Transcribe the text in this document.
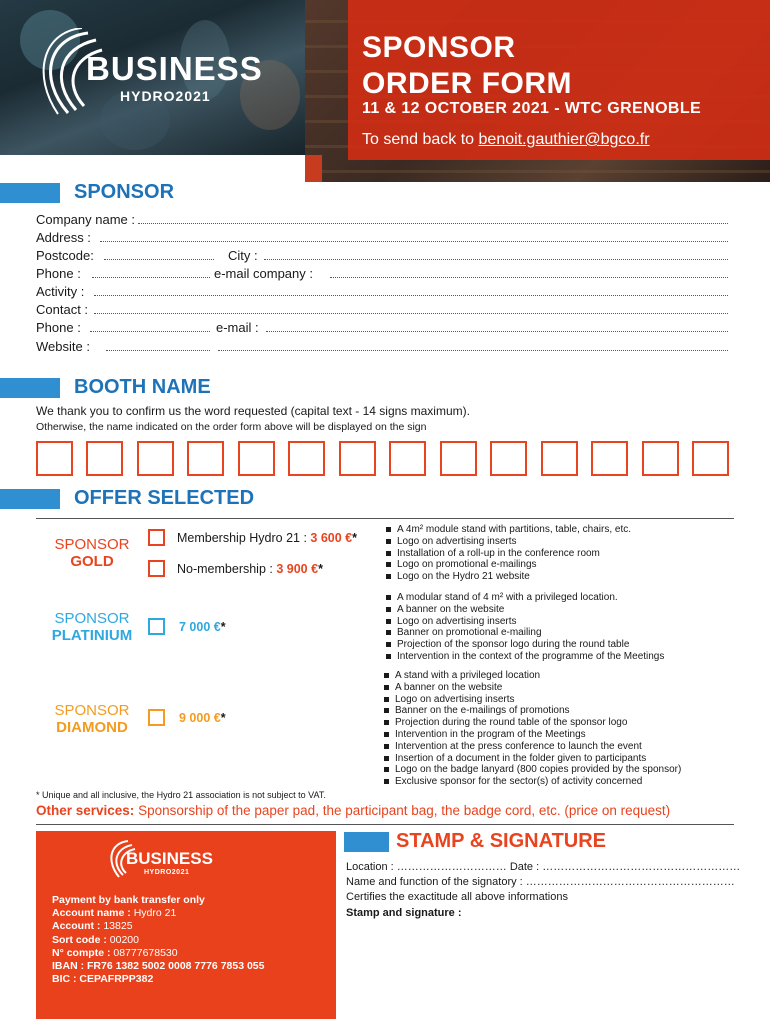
BUSINESS
HYDRO2021
SPONSOR
ORDER FORM
11 & 12 OCTOBER 2021 - WTC GRENOBLE
To send back to benoit.gauthier@bgco.fr
SPONSOR
Company name :
Address :
Postcode:	City :
Phone :	e-mail company :
Activity :
Contact :
Phone :	e-mail :
Website :
BOOTH NAME
We thank you to confirm us the word requested (capital text - 14 signs maximum).
Otherwise, the name indicated on the order form above will be displayed on the sign
OFFER SELECTED
SPONSOR
GOLD
Membership Hydro 21 : 3 600 €*
No-membership : 3 900 €*
A 4m² module stand with partitions, table, chairs, etc.
Logo on advertising inserts
Installation of a roll-up in the conference room
Logo on promotional e-mailings
Logo on the Hydro 21 website
SPONSOR
PLATINIUM	7 000 €*
A modular stand of 4 m² with a privileged location.
A banner on the website
Logo on advertising inserts
Banner on promotional e-mailing
Projection of the sponsor logo during the round table
Intervention in the context of the programme of the Meetings
SPONSOR
DIAMOND
9 000 €*
A stand with a privileged location
A banner on the website
Logo on advertising inserts
Banner on the e-mailings of promotions
Projection during the round table of the sponsor logo
Intervention in the program of the Meetings
Intervention at the press conference to launch the event
Insertion of a document in the folder given to participants
Logo on the badge lanyard (800 copies provided by the sponsor)
Exclusive sponsor for the sector(s) of activity concerned
* Unique and all inclusive, the Hydro 21 association is not subject to VAT.
Other services: Sponsorship of the paper pad, the participant bag, the badge cord, etc. (price on request)
BUSINESS
HYDRO2021
Payment by bank transfer only
Account name : Hydro 21
Account : 13825
Sort code : 00200
N° compte : 08777678530
IBAN : FR76 1382 5002 0008 7776 7853 055
BIC : CEPAFRPP382
STAMP & SIGNATURE
Location : ………………………… Date : ………………………………………………
Name and function of the signatory : …………………………………………………
Certifies the exactitude all above informations
Stamp and signature :
